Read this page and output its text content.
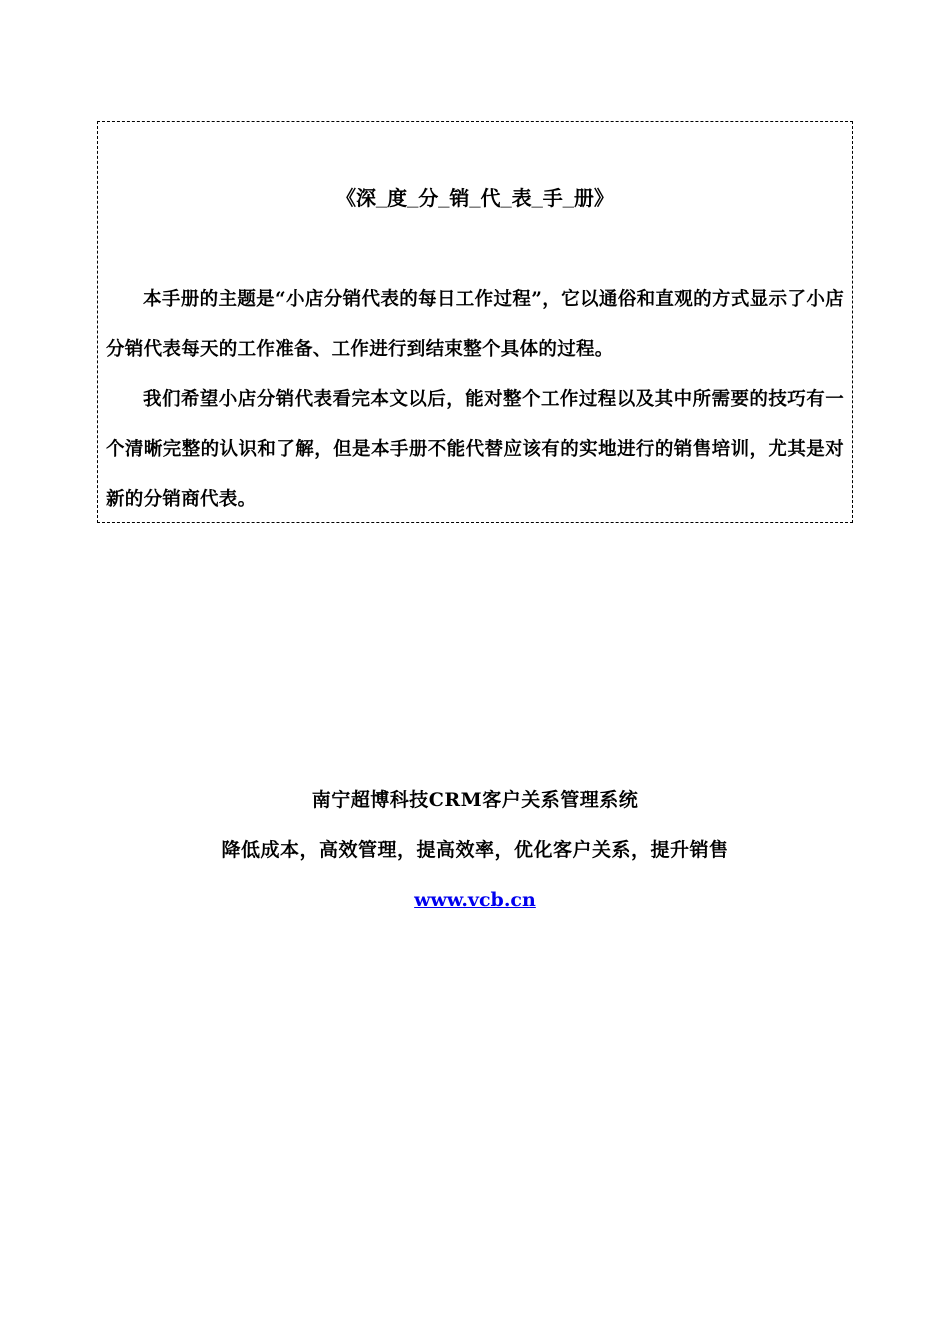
《深_度_分_销_代_表_手_册》

本手册的主题是“小店分销代表的每日工作过程”，它以通俗和直观的方式显示了小店分销代表每天的工作准备、工作进行到结束整个具体的过程。

我们希望小店分销代表看完本文以后，能对整个工作过程以及其中所需要的技巧有一个清晰完整的认识和了解，但是本手册不能代替应该有的实地进行的销售培训，尤其是对新的分销商代表。

南宁超博科技CRM客户关系管理系统
降低成本，高效管理，提高效率，优化客户关系，提升销售
www.vcb.cn
